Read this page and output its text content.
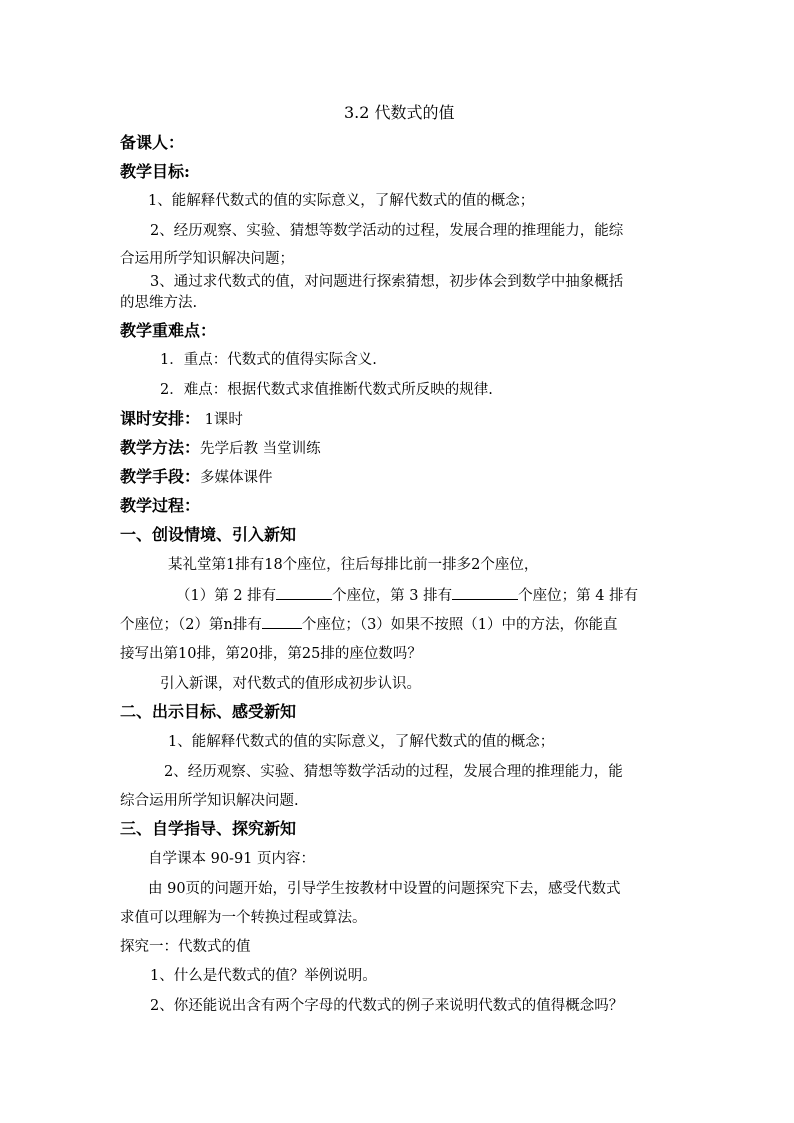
3.2 代数式的值
备课人：
教学目标:
1、能解释代数式的值的实际意义，了解代数式的值的概念；
2、经历观察、实验、猜想等数学活动的过程，发展合理的推理能力，能综
合运用所学知识解决问题；
3、通过求代数式的值，对问题进行探索猜想，初步体会到数学中抽象概括
的思维方法.
教学重难点：
1．重点：代数式的值得实际含义.
2．难点：根据代数式求值推断代数式所反映的规律.
课时安排： 1课时
教学方法：先学后教 当堂训练
教学手段：多媒体课件
教学过程：
一、创设情境、引入新知
某礼堂第1排有18个座位，往后每排比前一排多2个座位，
（1）第 2 排有	个座位，第 3 排有	个座位；第 4 排有
个座位；（2）第n排有	个座位；（3）如果不按照（1）中的方法，你能直
接写出第10排，第20排，第25排的座位数吗？
引入新课，对代数式的值形成初步认识。
二、出示目标、感受新知
1、能解释代数式的值的实际意义，了解代数式的值的概念；
2、经历观察、实验、猜想等数学活动的过程，发展合理的推理能力，能
综合运用所学知识解决问题.
三、自学指导、探究新知
自学课本 90-91 页内容：
由 90页的问题开始，引导学生按教材中设置的问题探究下去，感受代数式
求值可以理解为一个转换过程或算法。
探究一：代数式的值
1、什么是代数式的值？举例说明。
2、你还能说出含有两个字母的代数式的例子来说明代数式的值得概念吗？
